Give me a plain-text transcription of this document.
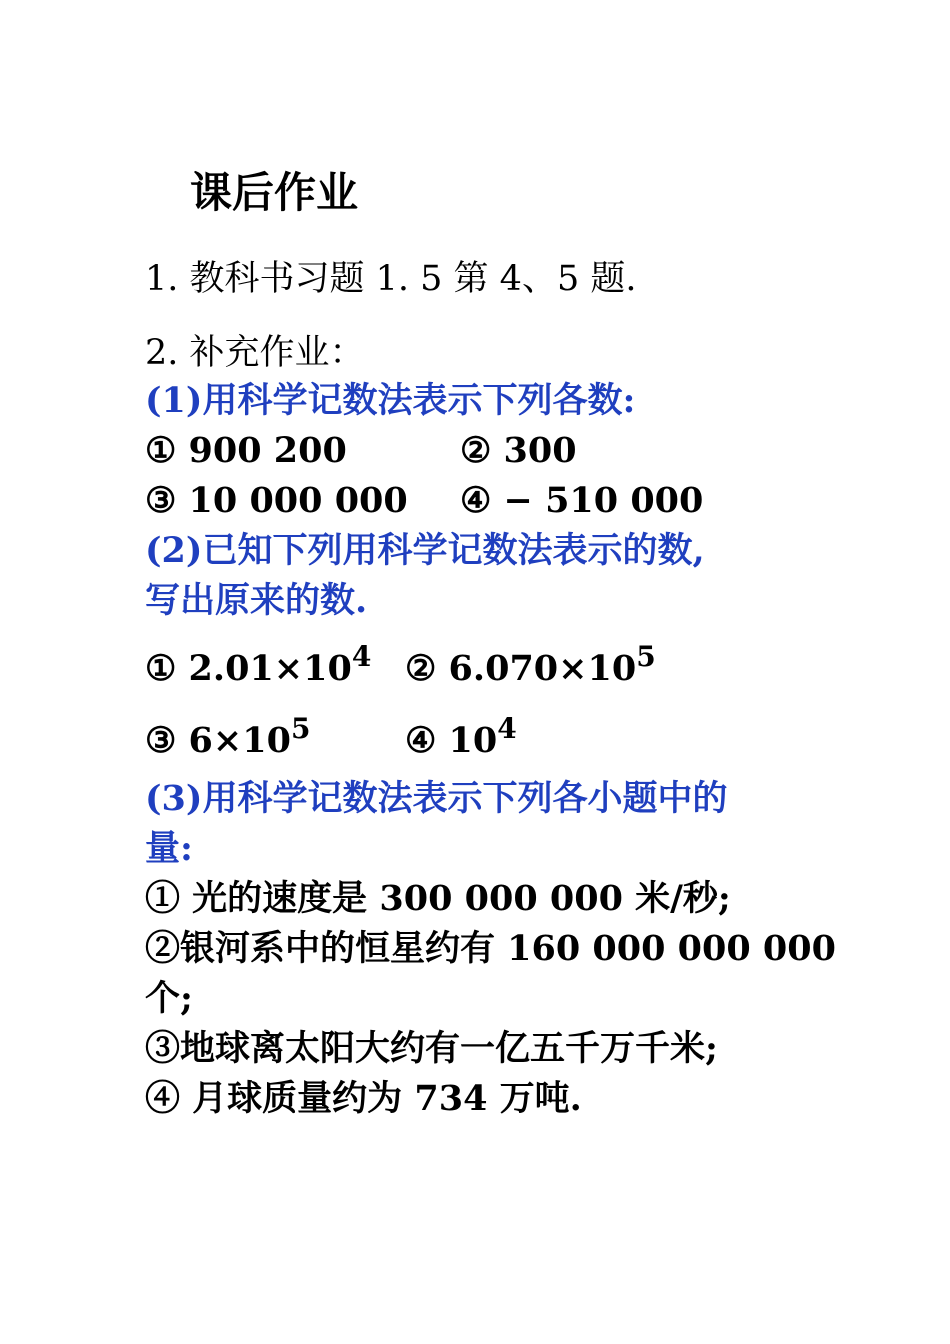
课后作业
1. 教科书习题 1. 5 第 4、5 题.
2. 补充作业：
(1)用科学记数法表示下列各数:
① 900 200	② 300
③ 10 000 000 ④ − 510 000
(2)已知下列用科学记数法表示的数,
写出原来的数.
① $2.01\times 10^4$ ② $6.070\times 10^5$
③ $6\times 10^5$	④ $10^4$
(3)用科学记数法表示下列各小题中的
量:
① 光的速度是 300 000 000 米/秒;
②银河系中的恒星约有 160 000 000 000
个;
③地球离太阳大约有一亿五千万千米;
④ 月球质量约为 734 万吨.
